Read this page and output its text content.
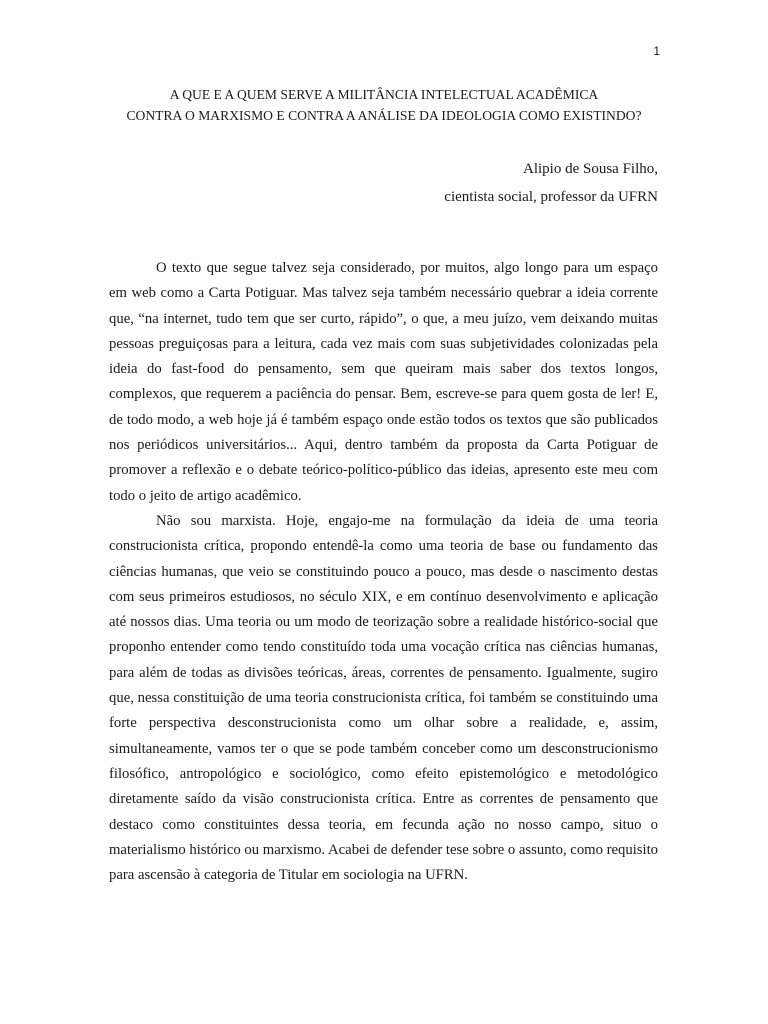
1
A QUE E A QUEM SERVE A MILITÂNCIA INTELECTUAL ACADÊMICA
CONTRA O MARXISMO E CONTRA A ANÁLISE DA IDEOLOGIA COMO EXISTINDO?
Alipio de Sousa Filho,
cientista social, professor da UFRN

O texto que segue talvez seja considerado, por muitos, algo longo para um espaço em web como a Carta Potiguar. Mas talvez seja também necessário quebrar a ideia corrente que, “na internet, tudo tem que ser curto, rápido”, o que, a meu juízo, vem deixando muitas pessoas preguiçosas para a leitura, cada vez mais com suas subjetividades colonizadas pela ideia do fast-food do pensamento, sem que queiram mais saber dos textos longos, complexos, que requerem a paciência do pensar. Bem, escreve-se para quem gosta de ler! E, de todo modo, a web hoje já é também espaço onde estão todos os textos que são publicados nos periódicos universitários... Aqui, dentro também da proposta da Carta Potiguar de promover a reflexão e o debate teórico-político-público das ideias, apresento este meu com todo o jeito de artigo acadêmico.

Não sou marxista. Hoje, engajo-me na formulação da ideia de uma teoria construcionista crítica, propondo entendê-la como uma teoria de base ou fundamento das ciências humanas, que veio se constituindo pouco a pouco, mas desde o nascimento destas com seus primeiros estudiosos, no século XIX, e em contínuo desenvolvimento e aplicação até nossos dias. Uma teoria ou um modo de teorização sobre a realidade histórico-social que proponho entender como tendo constituído toda uma vocação crítica nas ciências humanas, para além de todas as divisões teóricas, áreas, correntes de pensamento. Igualmente, sugiro que, nessa constituição de uma teoria construcionista crítica, foi também se constituindo uma forte perspectiva desconstrucionista como um olhar sobre a realidade, e, assim, simultaneamente, vamos ter o que se pode também conceber como um desconstrucionismo filosófico, antropológico e sociológico, como efeito epistemológico e metodológico diretamente saído da visão construcionista crítica. Entre as correntes de pensamento que destaco como constituintes dessa teoria, em fecunda ação no nosso campo, situo o materialismo histórico ou marxismo. Acabei de defender tese sobre o assunto, como requisito para ascensão à categoria de Titular em sociologia na UFRN.
